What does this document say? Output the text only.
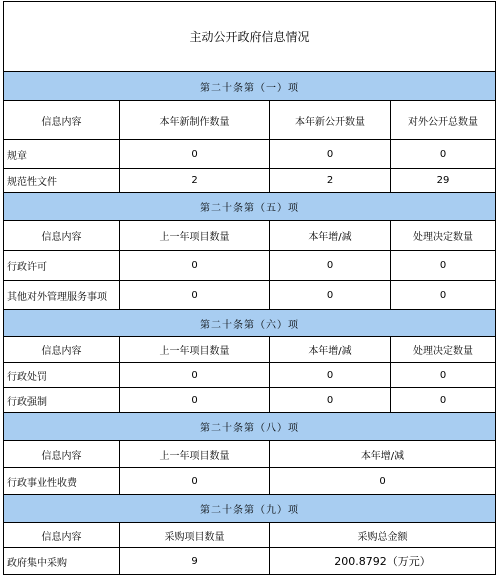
主动公开政府信息情况
第二十条第（一）项
信息内容	本年新制作数量	本年新公开数量	对外公开总数量
规章	0	0	0
规范性文件	2	2	29
第二十条第（五）项
信息内容	上一年项目数量	本年增/减	处理决定数量
行政许可	0	0	0
其他对外管理服务事项	0	0	0
第二十条第（六）项
信息内容	上一年项目数量	本年增/减	处理决定数量
行政处罚	0	0	0
行政强制	0	0	0
第二十条第（八）项
信息内容	上一年项目数量	本年增/减
行政事业性收费	0	0
第二十条第（九）项
信息内容	采购项目数量	采购总金额
政府集中采购	9	200.8792（万元）
